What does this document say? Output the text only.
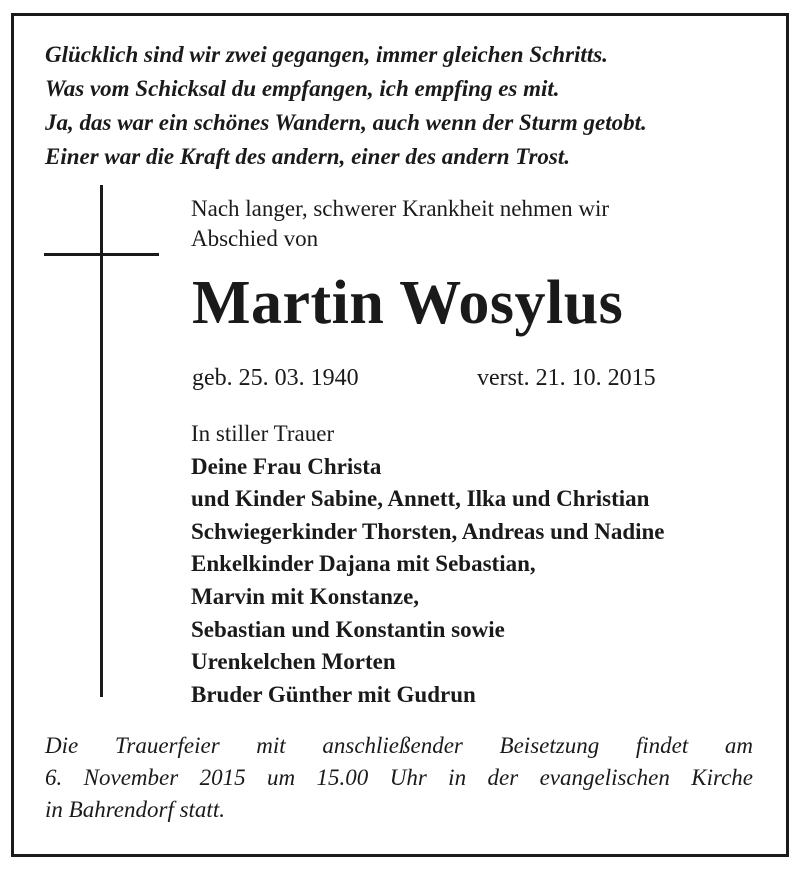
Glücklich sind wir zwei gegangen, immer gleichen Schritts.
Was vom Schicksal du empfangen, ich empfing es mit.
Ja, das war ein schönes Wandern, auch wenn der Sturm getobt.
Einer war die Kraft des andern, einer des andern Trost.
Nach langer, schwerer Krankheit nehmen wir
Abschied von
Martin Wosylus
geb. 25. 03. 1940	verst. 21. 10. 2015
In stiller Trauer
Deine Frau Christa
und Kinder Sabine, Annett, Ilka und Christian
Schwiegerkinder Thorsten, Andreas und Nadine
Enkelkinder Dajana mit Sebastian,
Marvin mit Konstanze,
Sebastian und Konstantin sowie
Urenkelchen Morten
Bruder Günther mit Gudrun
Die Trauerfeier mit anschließender Beisetzung findet am
6. November 2015 um 15.00 Uhr in der evangelischen Kirche
in Bahrendorf statt.
